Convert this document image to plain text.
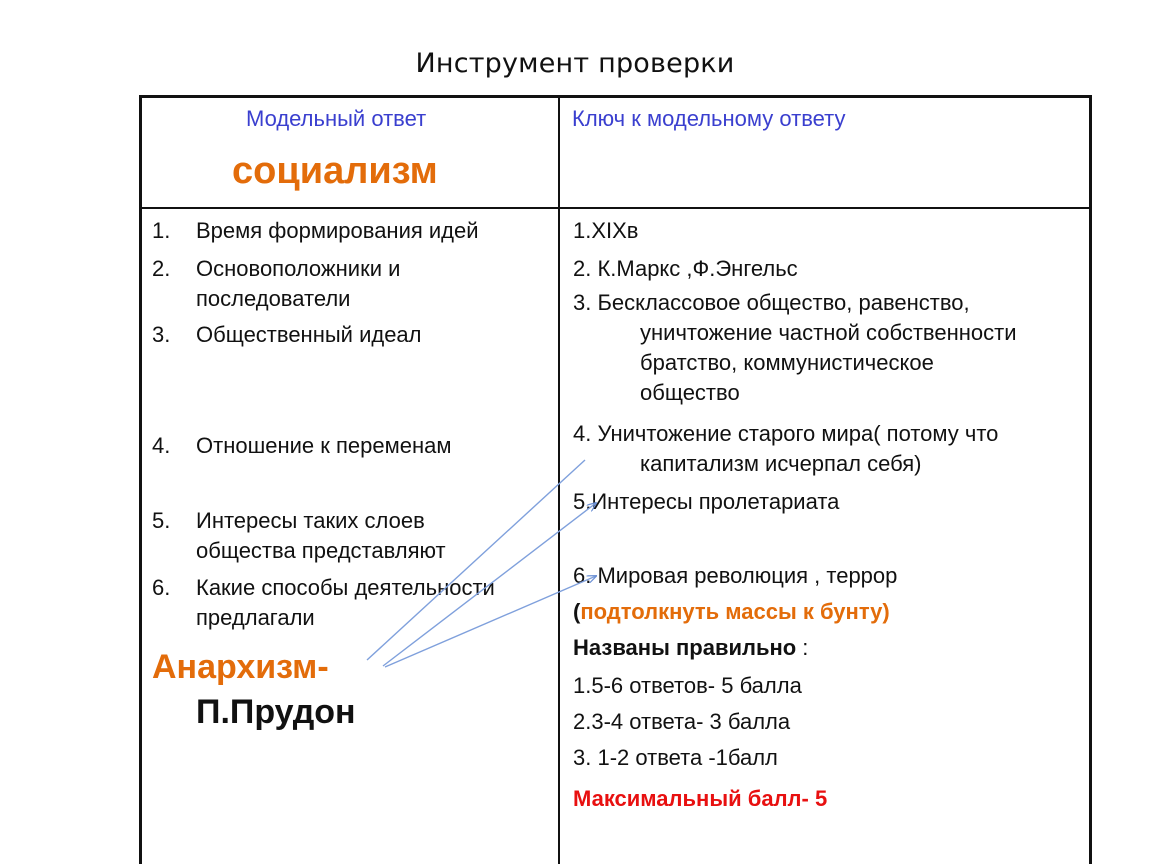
Инструмент проверки
Модельный ответ
социализм
Ключ к модельному ответу
1. Время формирования идей
2. Основоположники и
последователи
3. Общественный идеал
4. Отношение к переменам
5. Интересы таких слоев
общества представляют
6. Какие способы деятельности
предлагали
Анархизм-
П.Прудон
1.XIXв
2. К.Маркс ,Ф.Энгельс
3. Бесклассовое общество, равенство,
уничтожение частной собственности
братство, коммунистическое
общество
4. Уничтожение старого мира( потому что
капитализм исчерпал себя)
5.Интересы пролетариата
6. Мировая революция , террор
(подтолкнуть массы к бунту)
Названы правильно :
1.5-6 ответов- 5 балла
2.3-4 ответа- 3 балла
3. 1-2 ответа -1балл
Максимальный балл- 5
